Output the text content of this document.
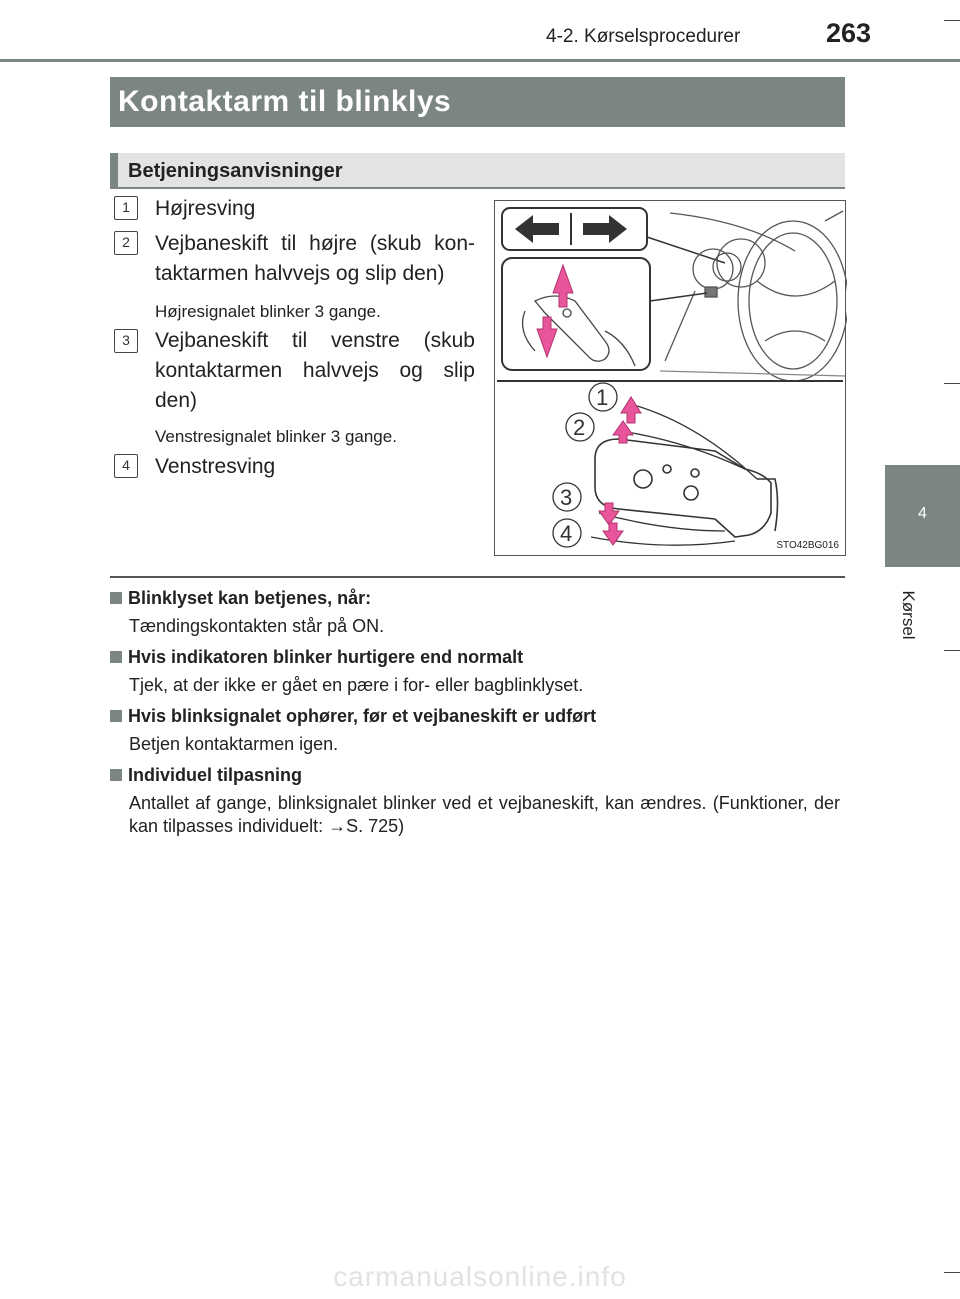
4-2. Kørselsprocedurer	263
4
Kørsel
Kontaktarm til blinklys
Betjeningsanvisninger
1	Højresving
2	Vejbaneskift til højre (skub kon-taktarmen halvvejs og slip den)
Højresignalet blinker 3 gange.
3	Vejbaneskift til venstre (skub kontaktarmen halvvejs og slip den)
Venstresignalet blinker 3 gange.
4	Venstresving
1
2
3
4	STO42BG016
Blinklyset kan betjenes, når:
Tændingskontakten står på ON.
Hvis indikatoren blinker hurtigere end normalt
Tjek, at der ikke er gået en pære i for- eller bagblinklyset.
Hvis blinksignalet ophører, før et vejbaneskift er udført
Betjen kontaktarmen igen.
Individuel tilpasning
Antallet af gange, blinksignalet blinker ved et vejbaneskift, kan ændres. (Funktioner, der kan tilpasses individuelt: →S. 725)
carmanualsonline.info
